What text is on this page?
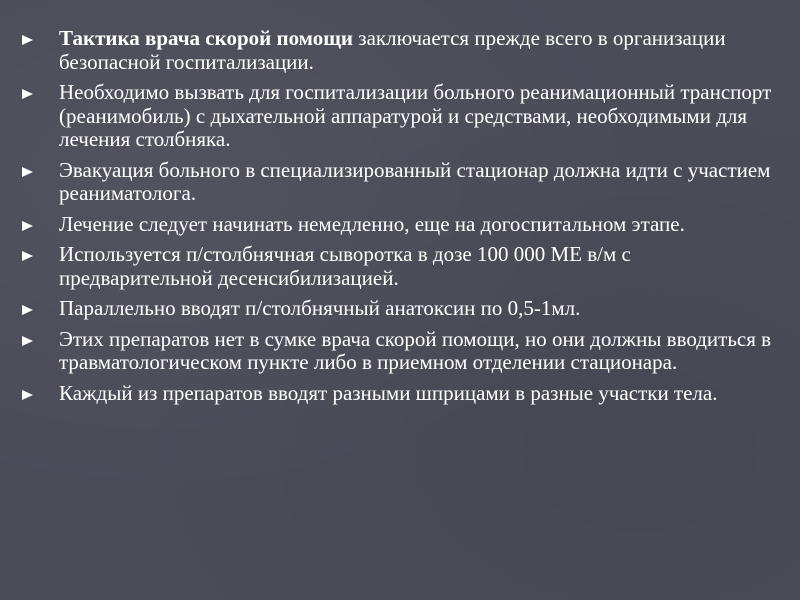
Тактика врача скорой помощи заключается прежде всего в организации безопасной госпитализации.
Необходимо вызвать для госпитализации больного реанимационный транспорт (реанимобиль) с дыхательной аппаратурой и средствами, необходимыми для лечения столбняка.
Эвакуация больного в специализированный стационар должна идти с участием реаниматолога.
Лечение следует начинать немедленно, еще на догоспитальном этапе.
Используется п/столбнячная сыворотка в дозе 100 000 МЕ в/м с предварительной десенсибилизацией.
Параллельно вводят п/столбнячный анатоксин по 0,5-1мл.
Этих препаратов нет в сумке врача скорой помощи, но они должны вводиться в травматологическом пункте либо в приемном отделении стационара.
Каждый из препаратов вводят разными шприцами в разные участки тела.
